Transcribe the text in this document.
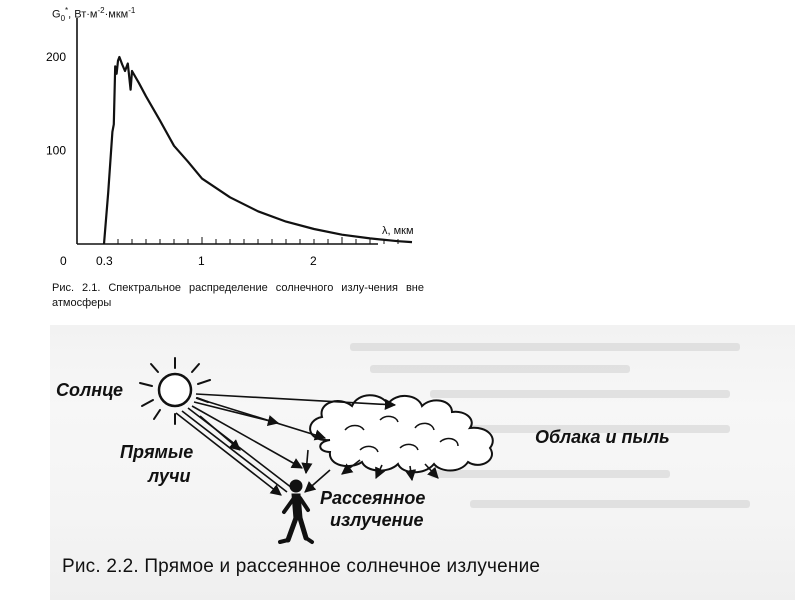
0 0.3	1	2
100
200
$G_0^*$, $Вт\cdot м^{-2}\cdot мкм^{-1}$
λ, мкм
Рис. 2.1. Спектральное распределение солнечного излу-чения вне атмосферы
Солнце
Прямые
лучи
Рассеянное
излучение
Облака и пыль
Рис. 2.2. Прямое и рассеянное солнечное излучение
